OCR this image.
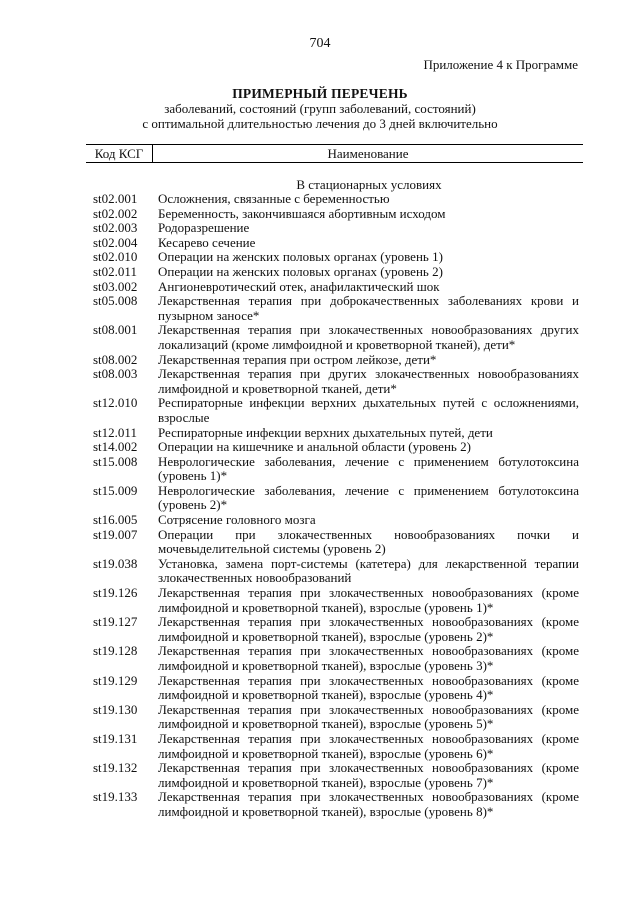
704
Приложение 4 к Программе
ПРИМЕРНЫЙ ПЕРЕЧЕНЬ
заболеваний, состояний (групп заболеваний, состояний)
с оптимальной длительностью лечения до 3 дней включительно
Код КСГ	Наименование
В стационарных условиях
st02.001	Осложнения, связанные с беременностью
st02.002	Беременность, закончившаяся абортивным исходом
st02.003	Родоразрешение
st02.004	Кесарево сечение
st02.010	Операции на женских половых органах (уровень 1)
st02.011	Операции на женских половых органах (уровень 2)
st03.002	Ангионевротический отек, анафилактический шок
st05.008	Лекарственная терапия при доброкачественных заболеваниях крови и пузырном заносе*
st08.001	Лекарственная терапия при злокачественных новообразованиях других локализаций (кроме лимфоидной и кроветворной тканей), дети*
st08.002	Лекарственная терапия при остром лейкозе, дети*
st08.003	Лекарственная терапия при других злокачественных новообразованиях лимфоидной и кроветворной тканей, дети*
st12.010	Респираторные инфекции верхних дыхательных путей с осложнениями, взрослые
st12.011	Респираторные инфекции верхних дыхательных путей, дети
st14.002	Операции на кишечнике и анальной области (уровень 2)
st15.008	Неврологические заболевания, лечение с применением ботулотоксина (уровень 1)*
st15.009	Неврологические заболевания, лечение с применением ботулотоксина (уровень 2)*
st16.005	Сотрясение головного мозга
st19.007	Операции при злокачественных новообразованиях почки и мочевыделительной системы (уровень 2)
st19.038	Установка, замена порт-системы (катетера) для лекарственной терапии злокачественных новообразований
st19.126	Лекарственная терапия при злокачественных новообразованиях (кроме лимфоидной и кроветворной тканей), взрослые (уровень 1)*
st19.127	Лекарственная терапия при злокачественных новообразованиях (кроме лимфоидной и кроветворной тканей), взрослые (уровень 2)*
st19.128	Лекарственная терапия при злокачественных новообразованиях (кроме лимфоидной и кроветворной тканей), взрослые (уровень 3)*
st19.129	Лекарственная терапия при злокачественных новообразованиях (кроме лимфоидной и кроветворной тканей), взрослые (уровень 4)*
st19.130	Лекарственная терапия при злокачественных новообразованиях (кроме лимфоидной и кроветворной тканей), взрослые (уровень 5)*
st19.131	Лекарственная терапия при злокачественных новообразованиях (кроме лимфоидной и кроветворной тканей), взрослые (уровень 6)*
st19.132	Лекарственная терапия при злокачественных новообразованиях (кроме лимфоидной и кроветворной тканей), взрослые (уровень 7)*
st19.133	Лекарственная терапия при злокачественных новообразованиях (кроме лимфоидной и кроветворной тканей), взрослые (уровень 8)*
